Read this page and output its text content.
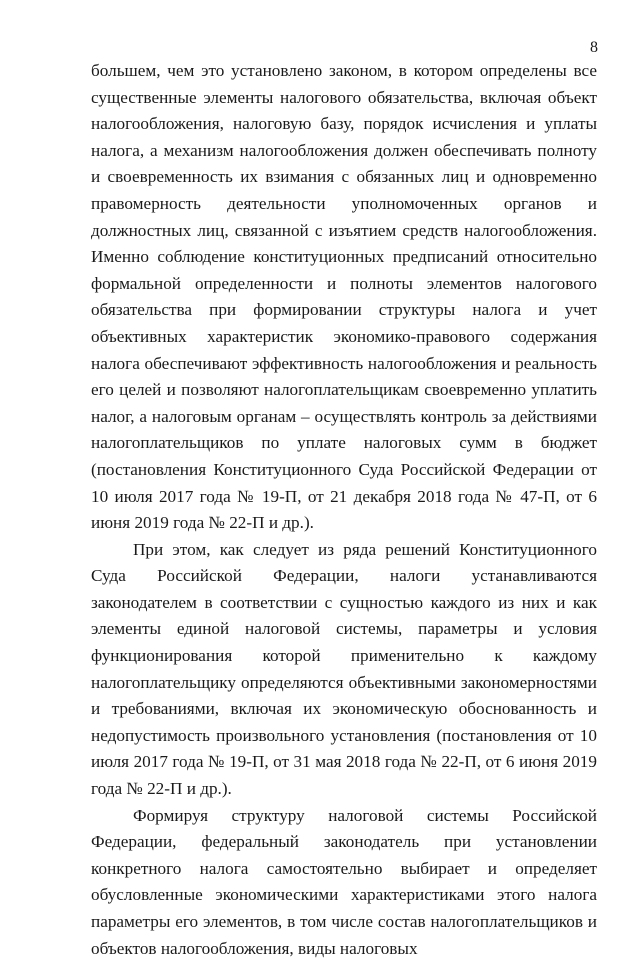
8

большем, чем это установлено законом, в котором определены все существенные элементы налогового обязательства, включая объект налогообложения, налоговую базу, порядок исчисления и уплаты налога, а механизм налогообложения должен обеспечивать полноту и своевременность их взимания с обязанных лиц и одновременно правомерность деятельности уполномоченных органов и должностных лиц, связанной с изъятием средств налогообложения. Именно соблюдение конституционных предписаний относительно формальной определенности и полноты элементов налогового обязательства при формировании структуры налога и учет объективных характеристик экономико-правового содержания налога обеспечивают эффективность налогообложения и реальность его целей и позволяют налогоплательщикам своевременно уплатить налог, а налоговым органам – осуществлять контроль за действиями налогоплательщиков по уплате налоговых сумм в бюджет (постановления Конституционного Суда Российской Федерации от 10 июля 2017 года № 19-П, от 21 декабря 2018 года № 47-П, от 6 июня 2019 года № 22-П и др.).

При этом, как следует из ряда решений Конституционного Суда Российской Федерации, налоги устанавливаются законодателем в соответствии с сущностью каждого из них и как элементы единой налоговой системы, параметры и условия функционирования которой применительно к каждому налогоплательщику определяются объективными закономерностями и требованиями, включая их экономическую обоснованность и недопустимость произвольного установления (постановления от 10 июля 2017 года № 19-П, от 31 мая 2018 года № 22-П, от 6 июня 2019 года № 22-П и др.).

Формируя структуру налоговой системы Российской Федерации, федеральный законодатель при установлении конкретного налога самостоятельно выбирает и определяет обусловленные экономическими характеристиками этого налога параметры его элементов, в том числе состав налогоплательщиков и объектов налогообложения, виды налоговых
